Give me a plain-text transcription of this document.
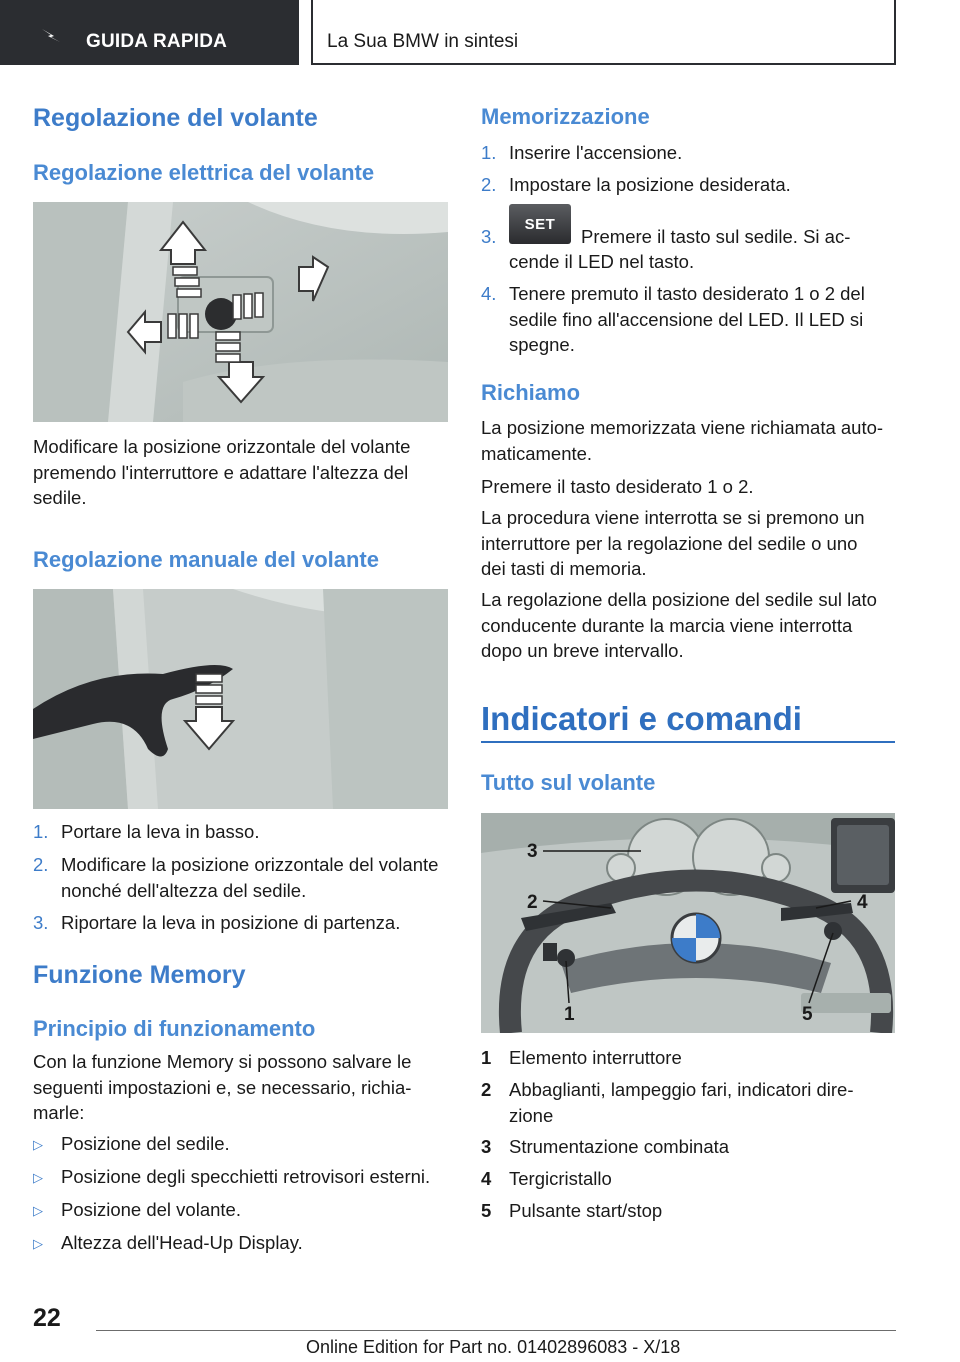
GUIDA RAPIDA	La Sua BMW in sintesi
Regolazione del volante
Regolazione elettrica del volante
Modificare la posizione orizzontale del volante
premendo l'interruttore e adattare l'altezza del
sedile.
Regolazione manuale del volante
1. Portare la leva in basso.
2. Modificare la posizione orizzontale del volante
nonché dell'altezza del sedile.
3. Riportare la leva in posizione di partenza.
Funzione Memory
Principio di funzionamento
Con la funzione Memory si possono salvare le
seguenti impostazioni e, se necessario, richia-
marle:
▷ Posizione del sedile.
▷ Posizione degli specchietti retrovisori esterni.
▷ Posizione del volante.
▷ Altezza dell'Head-Up Display.
Memorizzazione
1. Inserire l'accensione.
2. Impostare la posizione desiderata.
3.
SET
Premere il tasto sul sedile. Si ac-
cende il LED nel tasto.
4. Tenere premuto il tasto desiderato 1 o 2 del
sedile fino all'accensione del LED. Il LED si
spegne.
Richiamo
La posizione memorizzata viene richiamata auto-
maticamente.
Premere il tasto desiderato 1 o 2.
La procedura viene interrotta se si premono un
interruttore per la regolazione del sedile o uno
dei tasti di memoria.
La regolazione della posizione del sedile sul lato
conducente durante la marcia viene interrotta
dopo un breve intervallo.
Indicatori e comandi
Tutto sul volante
1
2
3
4
5
1 Elemento interruttore
2 Abbaglianti, lampeggio fari, indicatori dire-
zione
3 Strumentazione combinata
4 Tergicristallo
5 Pulsante start/stop
22
Online Edition for Part no. 01402896083 - X/18
